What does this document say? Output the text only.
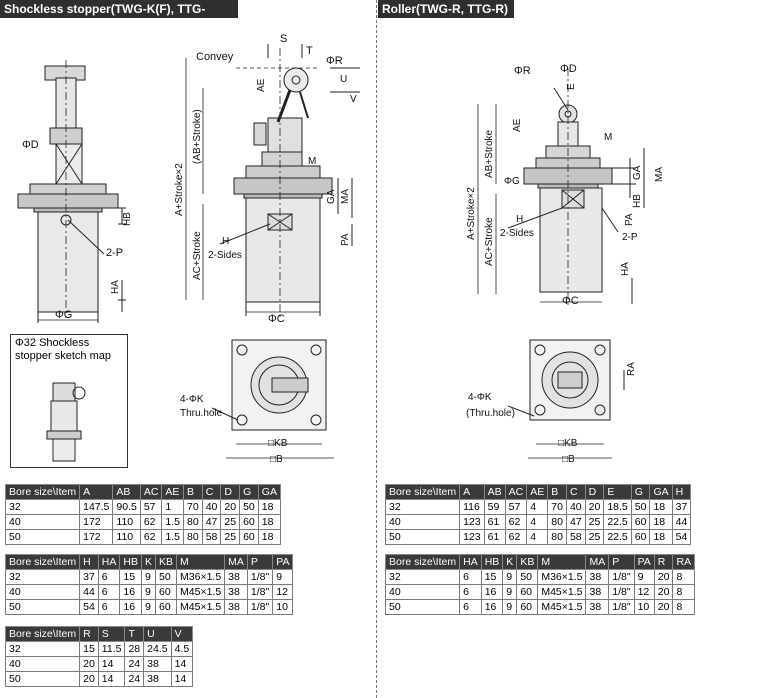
Shockless stopper(TWG-K(F), TTG-K(F))
Roller(TWG-R, TTG-R)
ΦD
2-P
HB
HA
ΦG
S
T
ΦR
Convey
AE	U
V
(AB+Stroke)
A+Stroke×2
AC+Stroke
M
GA MA
H
2-Sides
PA
ΦC
4-ΦK
Thru.hole
□KB
□B
Φ32 Shockless stopper sketch map
ΦR	ΦD
E
AE
M
AB+Stroke
A+Stroke×2
AC+Stroke
ΦG
GA MA
HB
H
2-Sides
PA
2-P
HA
ΦC
RA
4-ΦK
(Thru.hole)
□KB
□B
Bore size\Item	A	AB	AC	AE	B	C	D	G	GA
32	147.5	90.5	57	1	70	40	20	50	18
40	172	110	62	1.5	80	47	25	60	18
50	172	110	62	1.5	80	58	25	60	18
Bore size\Item	H	HA	HB	K	KB	M	MA	P	PA
32	37	6	15	9	50	M36×1.5	38	1/8"	9
40	44	6	16	9	60	M45×1.5	38	1/8"	12
50	54	6	16	9	60	M45×1.5	38	1/8"	10
Bore size\Item	R	S	T	U	V
32	15	11.5	28	24.5	4.5
40	20	14	24	38	14
50	20	14	24	38	14
Bore size\Item	A	AB	AC	AE	B	C	D	E	G	GA	H
32	116	59	57	4	70	40	20	18.5	50	18	37
40	123	61	62	4	80	47	25	22.5	60	18	44
50	123	61	62	4	80	58	25	22.5	60	18	54
Bore size\Item	HA	HB	K	KB	M	MA	P	PA	R	RA
32	6	15	9	50	M36×1.5	38	1/8"	9	20	8
40	6	16	9	60	M45×1.5	38	1/8"	12	20	8
50	6	16	9	60	M45×1.5	38	1/8"	10	20	8
